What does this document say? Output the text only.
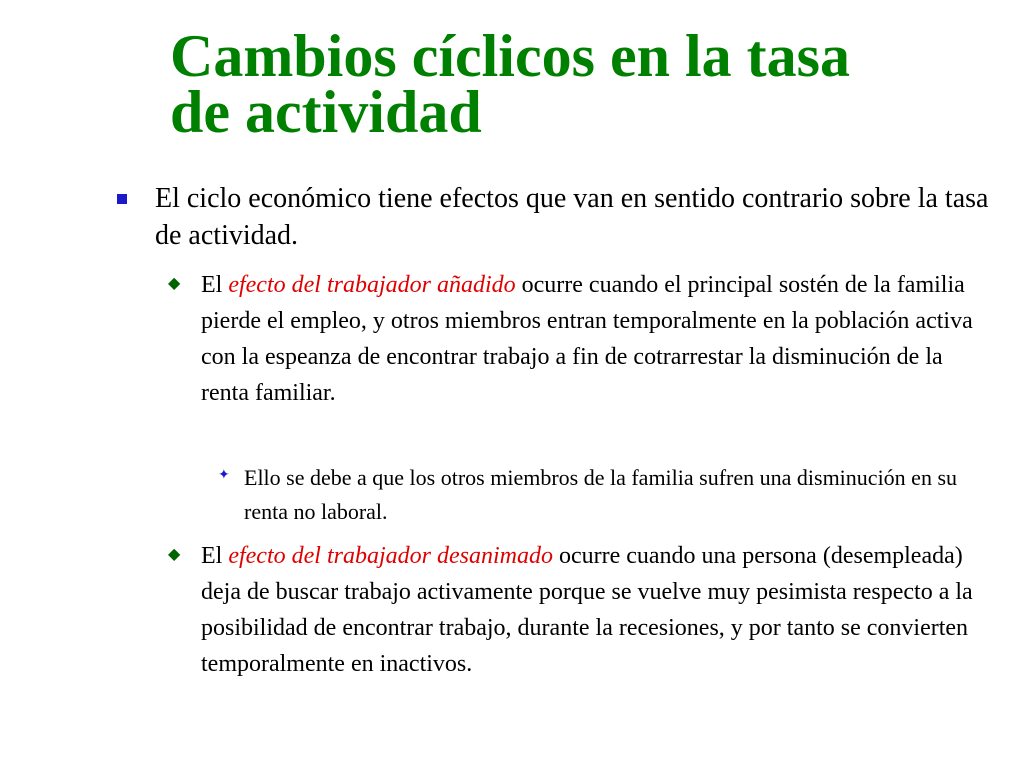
Cambios cíclicos en la tasa
de actividad

El ciclo económico tiene efectos que van en sentido contrario sobre la tasa de actividad.

◆ El efecto del trabajador añadido ocurre cuando el principal sostén de la familia pierde el empleo, y otros miembros entran temporalmente en la población activa con la espeanza de encontrar trabajo a fin de cotrarrestar la disminución de la renta familiar.

✦ Ello se debe a que los otros miembros de la familia sufren una disminución en su renta no laboral.

◆ El efecto del trabajador desanimado ocurre cuando una persona (desempleada) deja de buscar trabajo activamente porque se vuelve muy pesimista respecto a la posibilidad de encontrar trabajo, durante la recesiones, y por tanto se convierten temporalmente en inactivos.
